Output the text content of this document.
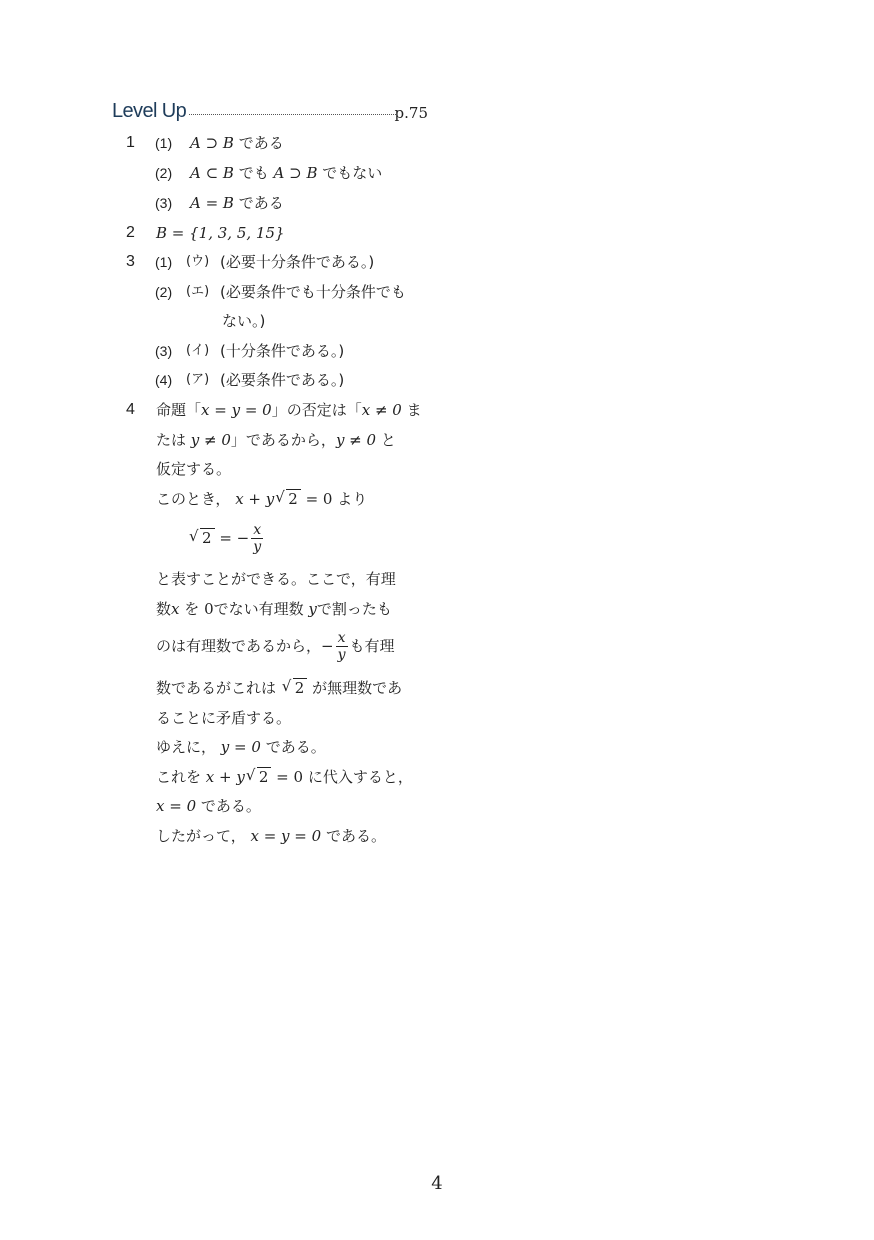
Level Up	p.75
1 (1) A ⊃ B である
(2) A ⊂ B でも A ⊃ B でもない
(3) A = B である
2 B = {1, 3, 5, 15}
3 (1) (ウ) (必要十分条件である。)
(2) (エ) (必要条件でも十分条件でも
ない。)
(3) (イ) (十分条件である。)
(4) (ア) (必要条件である。)
4 命題「x = y = 0」の否定は「x ≠ 0 ま
たは y ≠ 0」であるから，y ≠ 0 と
仮定する。
このとき， x + y √ 2 = 0 より
√ 2 = − $\frac{x}{y}$
と表すことができる。ここで，有理
数x を 0でない有理数 yで割ったも
のは有理数であるから，− $\frac{x}{y}$ も有理
数であるがこれは √ 2 が無理数であ
ることに矛盾する。
ゆえに， y = 0 である。
これを x + y √ 2 = 0 に代入すると，
x = 0 である。
したがって， x = y = 0 である。
4
